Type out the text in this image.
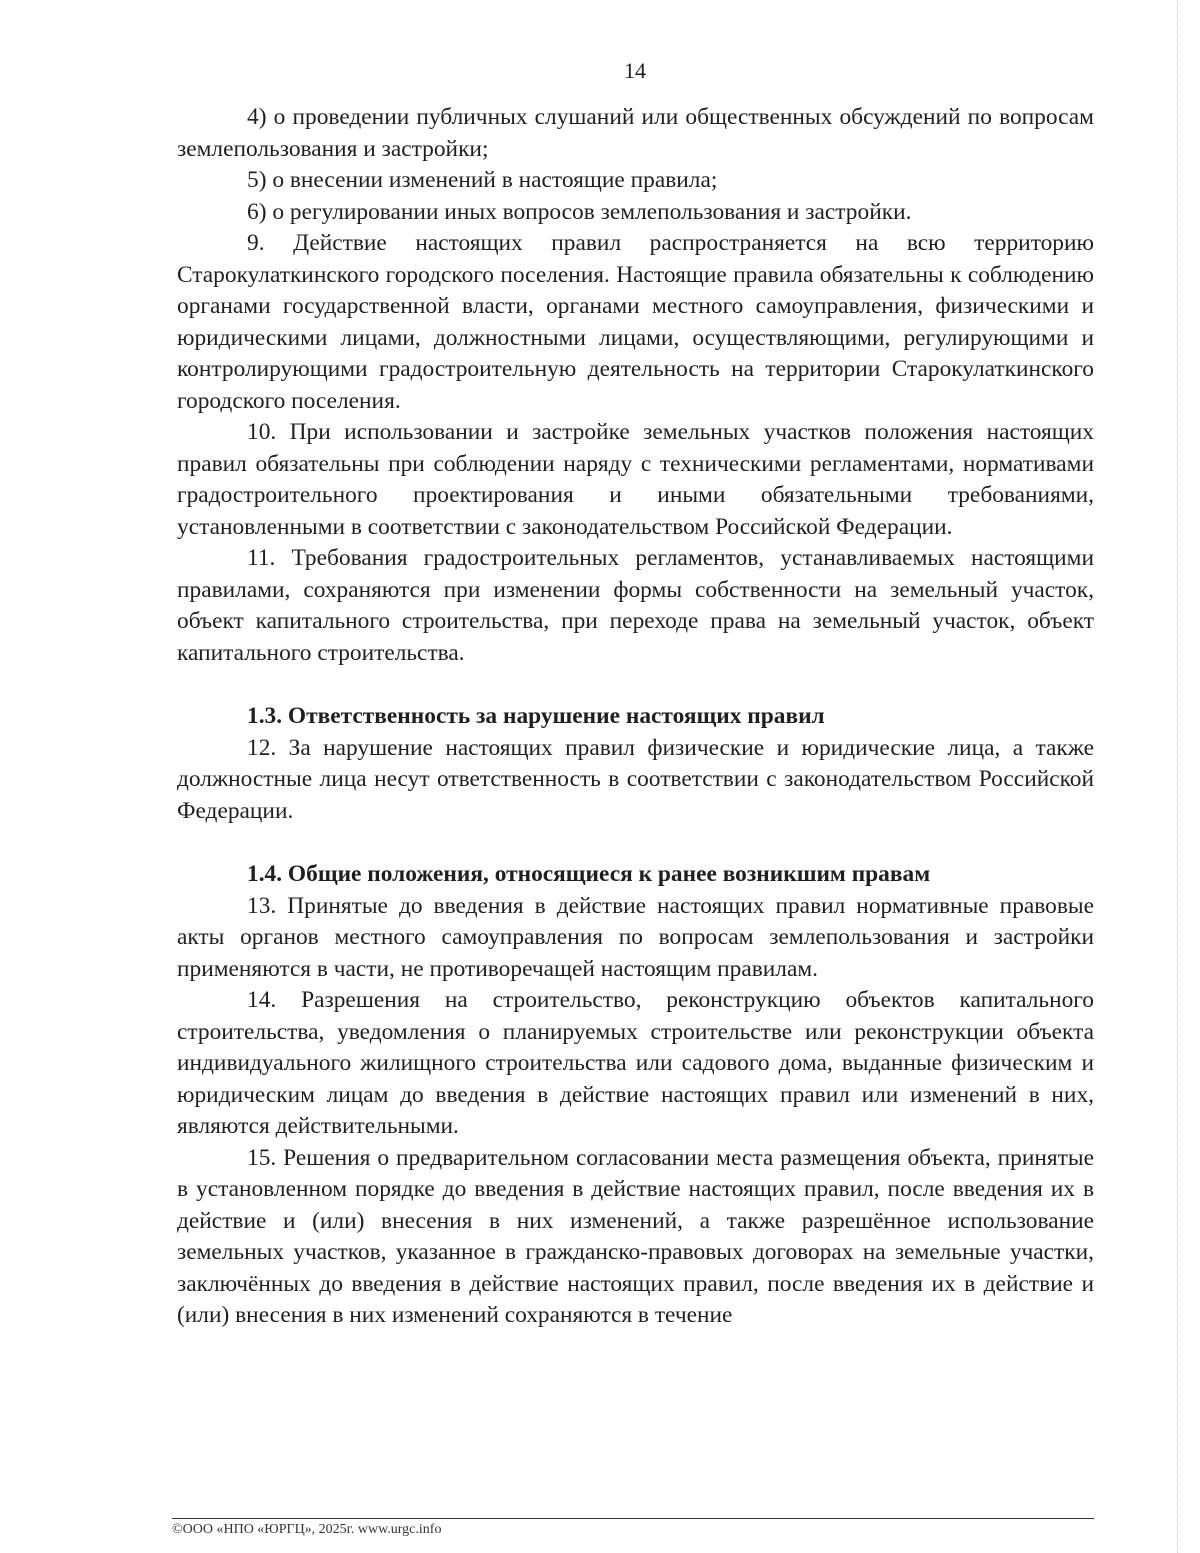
14

4) о проведении публичных слушаний или общественных обсуждений по вопросам землепользования и застройки;

5) о внесении изменений в настоящие правила;

6) о регулировании иных вопросов землепользования и застройки.

9. Действие настоящих правил распространяется на всю территорию Старокулаткинского городского поселения. Настоящие правила обязательны к соблюдению органами государственной власти, органами местного самоуправления, физическими и юридическими лицами, должностными лицами, осуществляющими, регулирующими и контролирующими градостроительную деятельность на территории Старокулаткинского городского поселения.

10. При использовании и застройке земельных участков положения настоящих правил обязательны при соблюдении наряду с техническими регламентами, нормативами градостроительного проектирования и иными обязательными требованиями, установленными в соответствии с законодательством Российской Федерации.

11. Требования градостроительных регламентов, устанавливаемых настоящими правилами, сохраняются при изменении формы собственности на земельный участок, объект капитального строительства, при переходе права на земельный участок, объект капитального строительства.

1.3. Ответственность за нарушение настоящих правил

12. За нарушение настоящих правил физические и юридические лица, а также должностные лица несут ответственность в соответствии с законодательством Российской Федерации.

1.4. Общие положения, относящиеся к ранее возникшим правам

13. Принятые до введения в действие настоящих правил нормативные правовые акты органов местного самоуправления по вопросам землепользования и застройки применяются в части, не противоречащей настоящим правилам.

14. Разрешения на строительство, реконструкцию объектов капитального строительства, уведомления о планируемых строительстве или реконструкции объекта индивидуального жилищного строительства или садового дома, выданные физическим и юридическим лицам до введения в действие настоящих правил или изменений в них, являются действительными.

15. Решения о предварительном согласовании места размещения объекта, принятые в установленном порядке до введения в действие настоящих правил, после введения их в действие и (или) внесения в них изменений, а также разрешённое использование земельных участков, указанное в гражданско-правовых договорах на земельные участки, заключённых до введения в действие настоящих правил, после введения их в действие и (или) внесения в них изменений сохраняются в течение

©ООО «НПО «ЮРГЦ», 2025г. www.urgc.info
